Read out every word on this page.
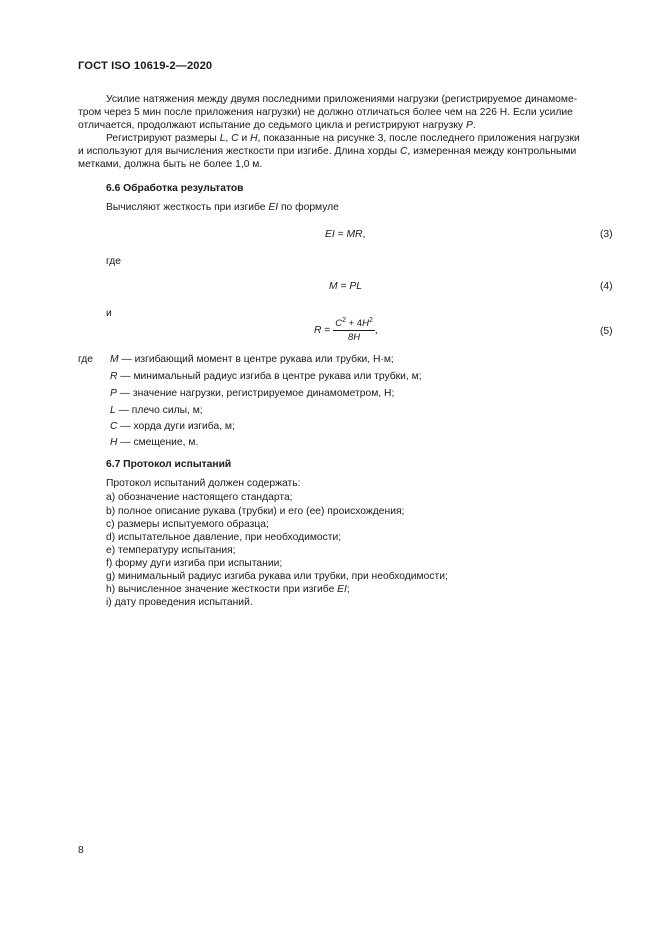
ГОСТ ISO 10619-2—2020
Усилие натяжения между двумя последними приложениями нагрузки (регистрируемое динамоме-
тром через 5 мин после приложения нагрузки) не должно отличаться более чем на 226 Н. Если усилие
отличается, продолжают испытание до седьмого цикла и регистрируют нагрузку P.
Регистрируют размеры L, C и H, показанные на рисунке 3, после последнего приложения нагрузки
и используют для вычисления жесткости при изгибе. Длина хорды C, измеренная между контрольными
метками, должна быть не более 1,0 м.
6.6 Обработка результатов
Вычисляют жесткость при изгибе EI по формуле
EI = MR,	(3)
где
M = PL	(4)
и
$R = \frac{C^2 + 4H^2}{8H}$ ,	(5)
где M — изгибающий момент в центре рукава или трубки, Н·м;
R — минимальный радиус изгиба в центре рукава или трубки, м;
P — значение нагрузки, регистрируемое динамометром, Н;
L — плечо силы, м;
C — хорда дуги изгиба, м;
H — смещение, м.
6.7 Протокол испытаний
Протокол испытаний должен содержать:
а) обозначение настоящего стандарта;
b) полное описание рукава (трубки) и его (ее) происхождения;
c) размеры испытуемого образца;
d) испытательное давление, при необходимости;
e) температуру испытания;
f) форму дуги изгиба при испытании;
g) минимальный радиус изгиба рукава или трубки, при необходимости;
h) вычисленное значение жесткости при изгибе EI;
i) дату проведения испытаний.
8
